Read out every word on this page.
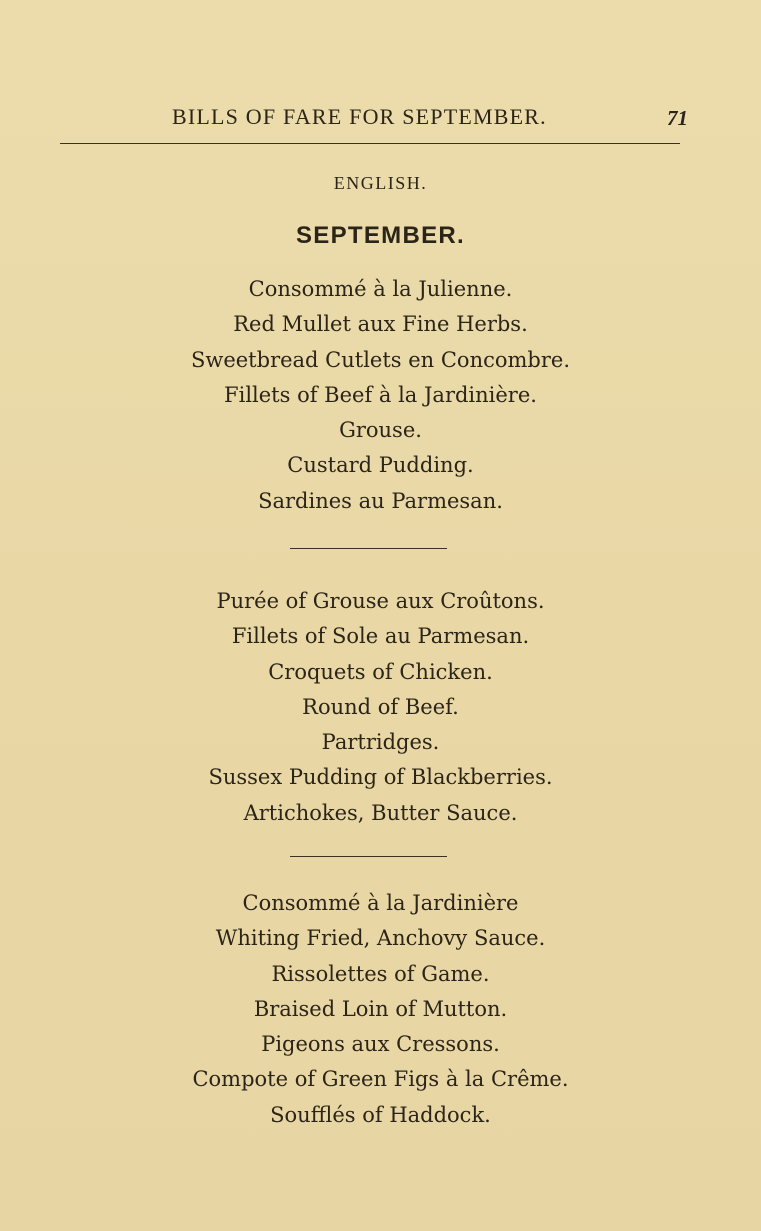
BILLS OF FARE FOR SEPTEMBER.	71
ENGLISH.
SEPTEMBER.
Consommé à la Julienne.
Red Mullet aux Fine Herbs.
Sweetbread Cutlets en Concombre.
Fillets of Beef à la Jardinière.
Grouse.
Custard Pudding.
Sardines au Parmesan.
Purée of Grouse aux Croûtons.
Fillets of Sole au Parmesan.
Croquets of Chicken.
Round of Beef.
Partridges.
Sussex Pudding of Blackberries.
Artichokes, Butter Sauce.
Consommé à la Jardinière
Whiting Fried, Anchovy Sauce.
Rissolettes of Game.
Braised Loin of Mutton.
Pigeons aux Cressons.
Compote of Green Figs à la Crême.
Soufflés of Haddock.
